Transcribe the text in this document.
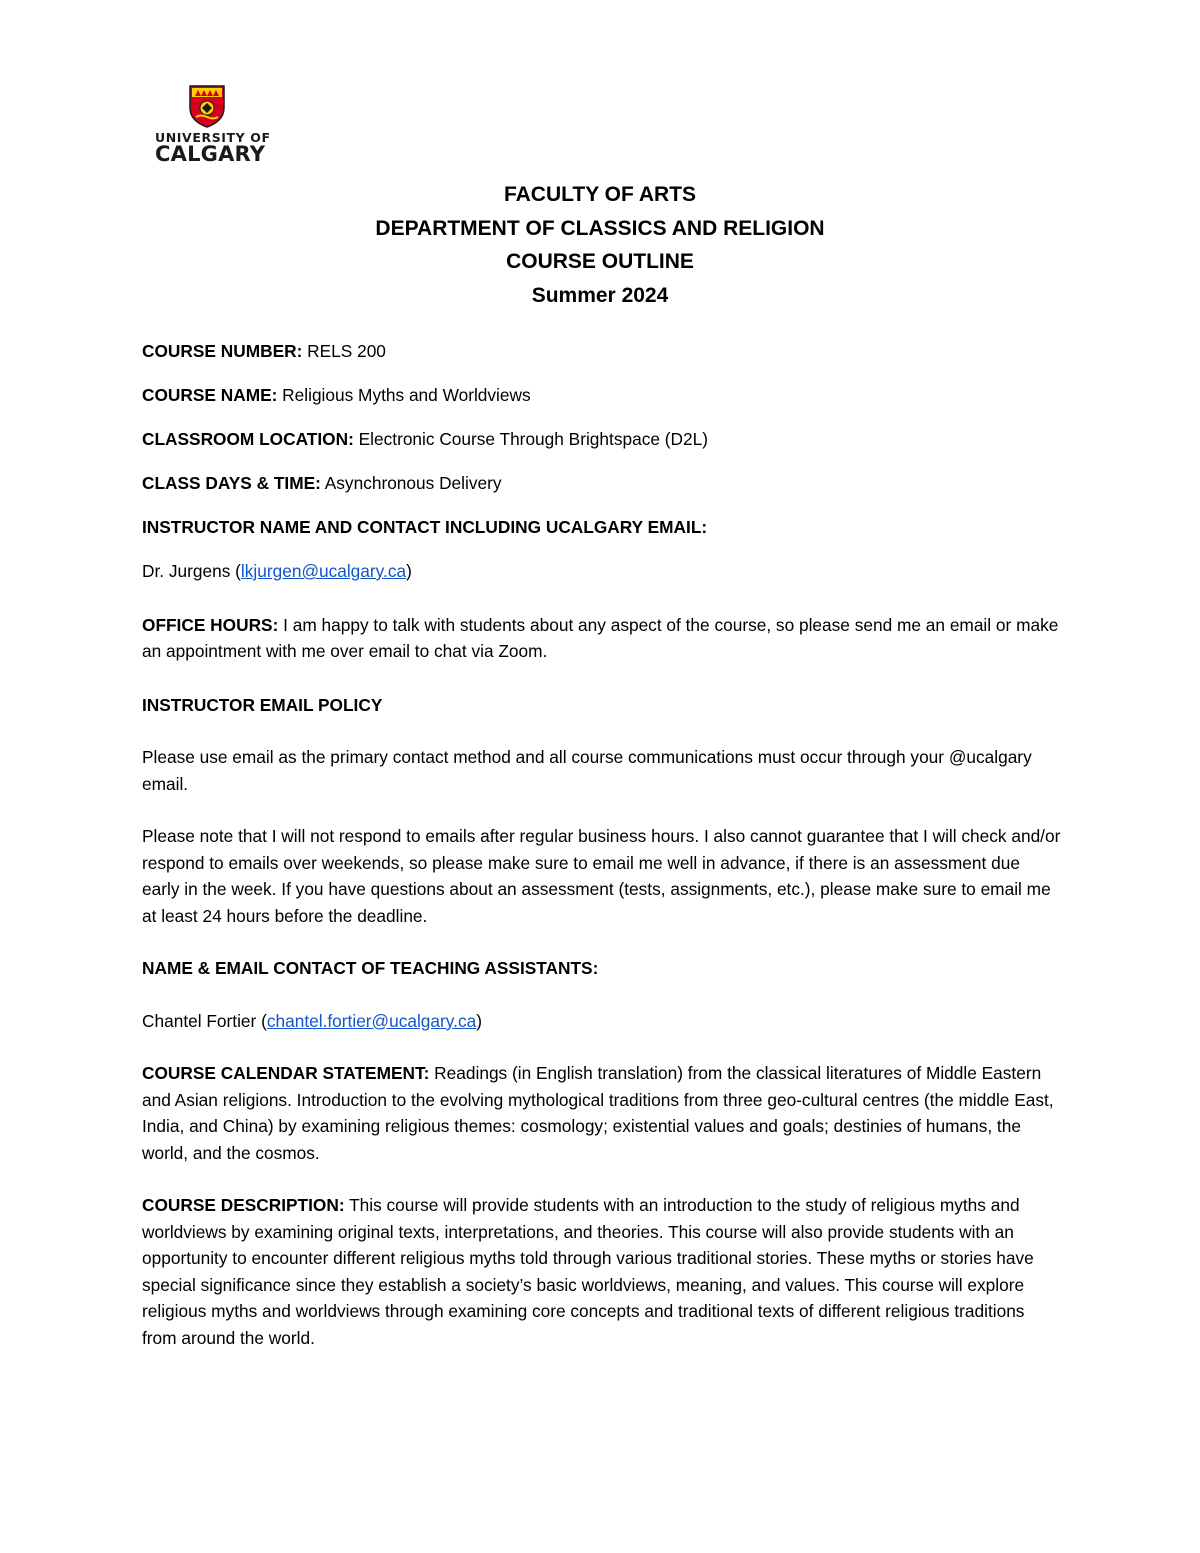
UNIVERSITY OF
CALGARY
FACULTY OF ARTS
DEPARTMENT OF CLASSICS AND RELIGION
COURSE OUTLINE
Summer 2024

COURSE NUMBER: RELS 200

COURSE NAME: Religious Myths and Worldviews

CLASSROOM LOCATION: Electronic Course Through Brightspace (D2L)

CLASS DAYS & TIME: Asynchronous Delivery

INSTRUCTOR NAME AND CONTACT INCLUDING UCALGARY EMAIL:

Dr. Jurgens (lkjurgen@ucalgary.ca)

OFFICE HOURS: I am happy to talk with students about any aspect of the course, so please send me an email or make an appointment with me over email to chat via Zoom.

INSTRUCTOR EMAIL POLICY

Please use email as the primary contact method and all course communications must occur through your @ucalgary email.

Please note that I will not respond to emails after regular business hours. I also cannot guarantee that I will check and/or respond to emails over weekends, so please make sure to email me well in advance, if there is an assessment due early in the week. If you have questions about an assessment (tests, assignments, etc.), please make sure to email me at least 24 hours before the deadline.

NAME & EMAIL CONTACT OF TEACHING ASSISTANTS:

Chantel Fortier (chantel.fortier@ucalgary.ca)

COURSE CALENDAR STATEMENT: Readings (in English translation) from the classical literatures of Middle Eastern and Asian religions. Introduction to the evolving mythological traditions from three geo-cultural centres (the middle East, India, and China) by examining religious themes: cosmology; existential values and goals; destinies of humans, the world, and the cosmos.

COURSE DESCRIPTION: This course will provide students with an introduction to the study of religious myths and worldviews by examining original texts, interpretations, and theories. This course will also provide students with an opportunity to encounter different religious myths told through various traditional stories. These myths or stories have special significance since they establish a society’s basic worldviews, meaning, and values. This course will explore religious myths and worldviews through examining core concepts and traditional texts of different religious traditions from around the world.
